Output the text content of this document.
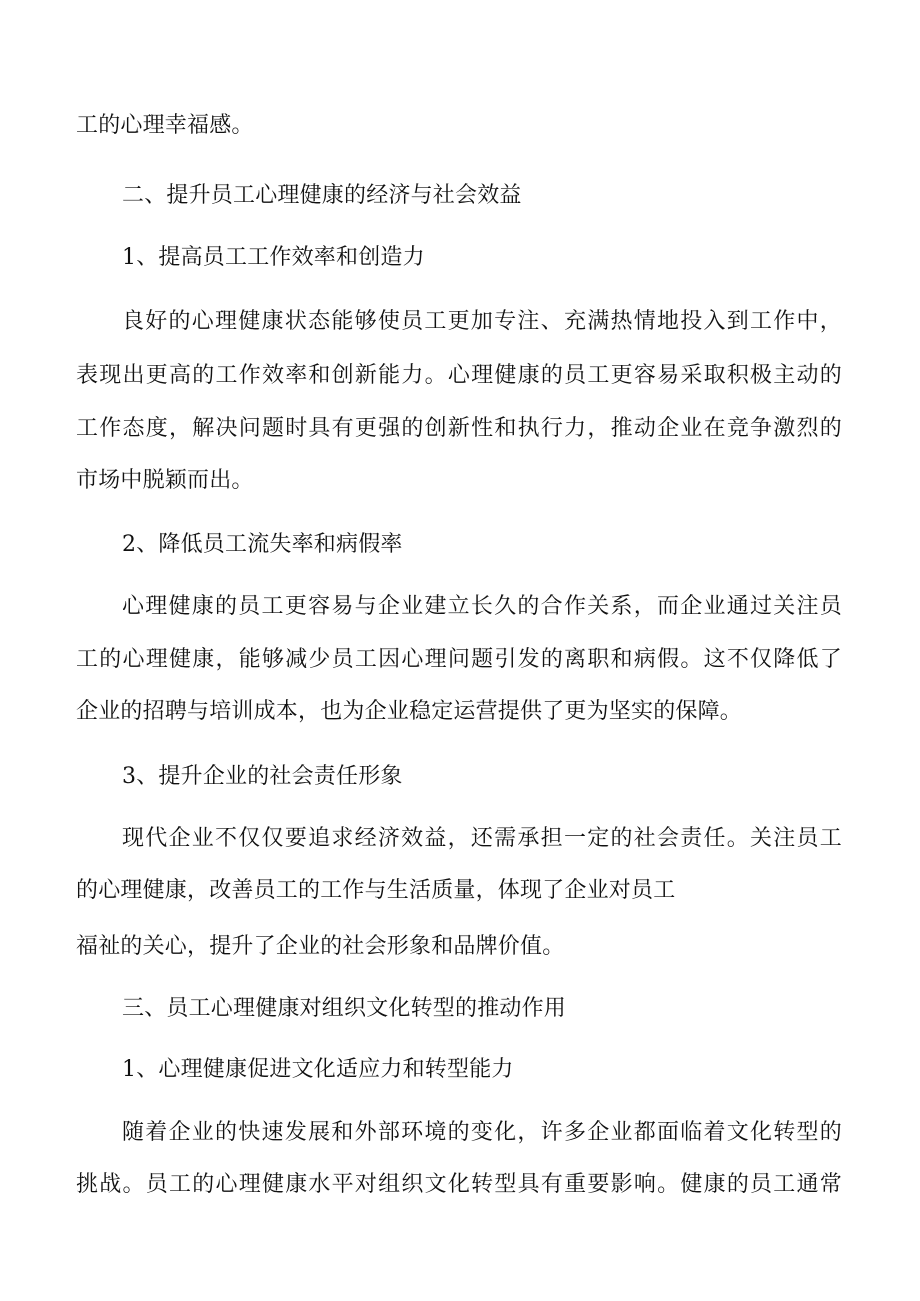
工的心理幸福感。
二、提升员工心理健康的经济与社会效益
1、提高员工工作效率和创造力
良好的心理健康状态能够使员工更加专注、充满热情地投入到工作中，
表现出更高的工作效率和创新能力。心理健康的员工更容易采取积极主动的
工作态度，解决问题时具有更强的创新性和执行力，推动企业在竞争激烈的
市场中脱颖而出。
2、降低员工流失率和病假率
心理健康的员工更容易与企业建立长久的合作关系，而企业通过关注员
工的心理健康，能够减少员工因心理问题引发的离职和病假。这不仅降低了
企业的招聘与培训成本，也为企业稳定运营提供了更为坚实的保障。
3、提升企业的社会责任形象
现代企业不仅仅要追求经济效益，还需承担一定的社会责任。关注员工
的心理健康，改善员工的工作与生活质量，体现了企业对员工
福祉的关心，提升了企业的社会形象和品牌价值。
三、员工心理健康对组织文化转型的推动作用
1、心理健康促进文化适应力和转型能力
随着企业的快速发展和外部环境的变化，许多企业都面临着文化转型的
挑战。员工的心理健康水平对组织文化转型具有重要影响。健康的员工通常
